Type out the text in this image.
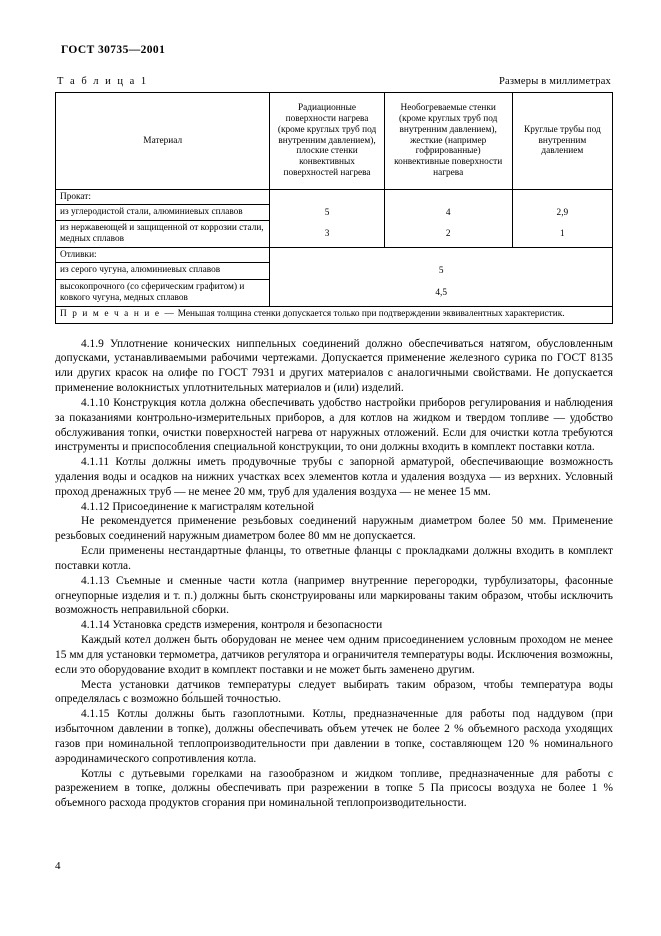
ГОСТ 30735—2001
Т а б л и ц а 1	Размеры в миллиметрах
Материал	Радиационные поверхности нагрева (кроме круглых труб под внутренним давлением), плоские стенки конвективных поверхностей нагрева	Необогреваемые стенки (кроме круглых труб под внутренним давлением), жесткие (например гофрированные) конвективные поверхности нагрева	Круглые трубы под внутренним давлением
Прокат:			
из углеродистой стали, алюминиевых сплавов	5	4	2,9
из нержавеющей и защищенной от коррозии стали, медных сплавов	3	2	1
Отливки:			
из серого чугуна, алюминиевых сплавов	5		
высокопрочного (со сферическим графитом) и ковкого чугуна, медных сплавов	4,5		
П р и м е ч а н и е — Меньшая толщина стенки допускается только при подтверждении эквивалентных характеристик.			

4.1.9 Уплотнение конических ниппельных соединений должно обеспечиваться натягом, обусловленным допусками, устанавливаемыми рабочими чертежами. Допускается применение железного сурика по ГОСТ 8135 или других красок на олифе по ГОСТ 7931 и других материалов с аналогичными свойствами. Не допускается применение волокнистых уплотнительных материалов и (или) изделий.

4.1.10 Конструкция котла должна обеспечивать удобство настройки приборов регулирования и наблюдения за показаниями контрольно-измерительных приборов, а для котлов на жидком и твердом топливе — удобство обслуживания топки, очистки поверхностей нагрева от наружных отложений. Если для очистки котла требуются инструменты и приспособления специальной конструкции, то они должны входить в комплект поставки котла.

4.1.11 Котлы должны иметь продувочные трубы с запорной арматурой, обеспечивающие возможность удаления воды и осадков на нижних участках всех элементов котла и удаления воздуха — из верхних. Условный проход дренажных труб — не менее 20 мм, труб для удаления воздуха — не менее 15 мм.

4.1.12 Присоединение к магистралям котельной

Не рекомендуется применение резьбовых соединений наружным диаметром более 50 мм. Применение резьбовых соединений наружным диаметром более 80 мм не допускается.

Если применены нестандартные фланцы, то ответные фланцы с прокладками должны входить в комплект поставки котла.

4.1.13 Съемные и сменные части котла (например внутренние перегородки, турбулизаторы, фасонные огнеупорные изделия и т. п.) должны быть сконструированы или маркированы таким образом, чтобы исключить возможность неправильной сборки.

4.1.14 Установка средств измерения, контроля и безопасности

Каждый котел должен быть оборудован не менее чем одним присоединением условным проходом не менее 15 мм для установки термометра, датчиков регулятора и ограничителя температуры воды. Исключения возможны, если это оборудование входит в комплект поставки и не может быть заменено другим.

Места установки датчиков температуры следует выбирать таким образом, чтобы температура воды определялась с возможно бо́льшей точностью.

4.1.15 Котлы должны быть газоплотными. Котлы, предназначенные для работы под наддувом (при избыточном давлении в топке), должны обеспечивать объем утечек не более 2 % объемного расхода уходящих газов при номинальной теплопроизводительности при давлении в топке, составляющем 120 % номинального аэродинамического сопротивления котла.

Котлы с дутьевыми горелками на газообразном и жидком топливе, предназначенные для работы с разрежением в топке, должны обеспечивать при разрежении в топке 5 Па присосы воздуха не более 1 % объемного расхода продуктов сгорания при номинальной теплопроизводительности.

4
